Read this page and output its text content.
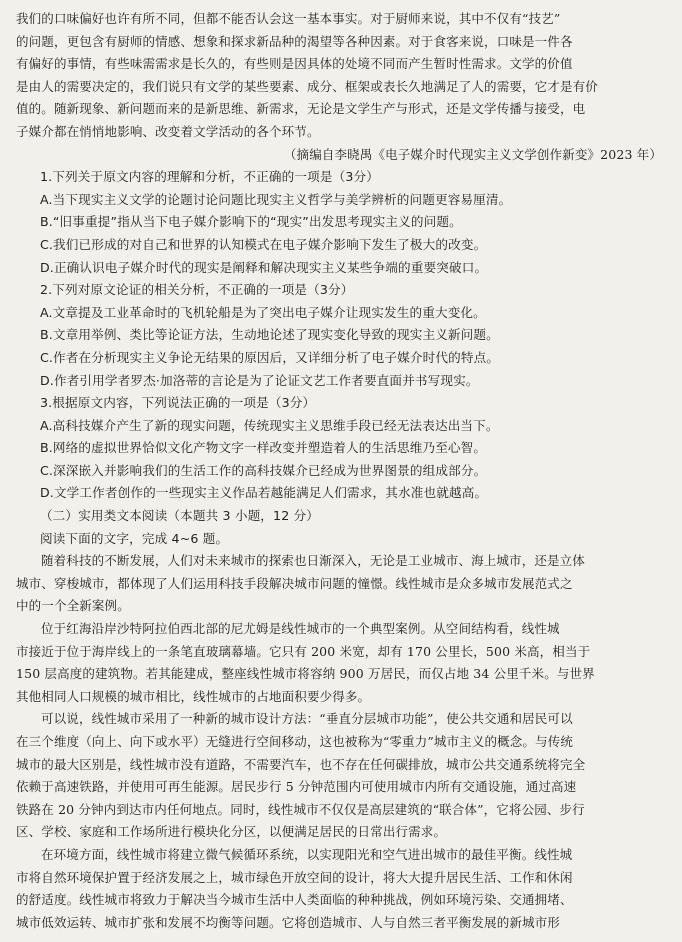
我们的口味偏好也许有所不同，但都不能否认会这一基本事实。对于厨师来说，其中不仅有“技艺”

的问题，更包含有厨师的情感、想象和探求新品种的渴望等各种因素。对于食客来说，口味是一件各

有偏好的事情，有些味需需求是长久的，有些则是因具体的处境不同而产生暂时性需求。文学的价值

是由人的需要决定的，我们说只有文学的某些要素、成分、框架或表长久地满足了人的需要，它才是有价

值的。随新现象、新问题而来的是新思维、新需求，无论是文学生产与形式，还是文学传播与接受，电

子媒介都在悄悄地影响、改变着文学活动的各个环节。

（摘编自李晓禺《电子媒介时代现实主义文学创作新变》2023 年）

1.下列关于原文内容的理解和分析，不正确的一项是（3分）

A.当下现实主义文学的论题讨论问题比现实主义哲学与美学辨析的问题更容易厘清。

B.“旧事重提”指从当下电子媒介影响下的“现实”出发思考现实主义的问题。

C.我们已形成的对自己和世界的认知模式在电子媒介影响下发生了极大的改变。

D.正确认识电子媒介时代的现实是阐释和解决现实主义某些争端的重要突破口。

2.下列对原文论证的相关分析，不正确的一项是（3分）

A.文章提及工业革命时的飞机轮船是为了突出电子媒介让现实发生的重大变化。

B.文章用举例、类比等论证方法，生动地论述了现实变化导致的现实主义新问题。

C.作者在分析现实主义争论无结果的原因后，又详细分析了电子媒介时代的特点。

D.作者引用学者罗杰·加洛蒂的言论是为了论证文艺工作者要直面并书写现实。

3.根据原文内容，下列说法正确的一项是（3分）

A.高科技媒介产生了新的现实问题，传统现实主义思维手段已经无法表达出当下。

B.网络的虚拟世界恰似文化产物文字一样改变并塑造着人的生活思维乃至心智。

C.深深嵌入并影响我们的生活工作的高科技媒介已经成为世界图景的组成部分。

D.文学工作者创作的一些现实主义作品若越能满足人们需求，其水准也就越高。

（二）实用类文本阅读（本题共 3 小题，12 分）

阅读下面的文字，完成 4~6 题。

随着科技的不断发展，人们对未来城市的探索也日渐深入，无论是工业城市、海上城市，还是立体

城市、穿梭城市，都体现了人们运用科技手段解决城市问题的憧憬。线性城市是众多城市发展范式之

中的一个全新案例。

位于红海沿岸沙特阿拉伯西北部的尼尤姆是线性城市的一个典型案例。从空间结构看，线性城

市接近于位于海岸线上的一条笔直玻璃幕墙。它只有 200 米宽，却有 170 公里长，500 米高，相当于

150 层高度的建筑物。若其能建成，整座线性城市将容纳 900 万居民，而仅占地 34 公里千米。与世界

其他相同人口规模的城市相比，线性城市的占地面积要少得多。

可以说，线性城市采用了一种新的城市设计方法：“垂直分层城市功能”，使公共交通和居民可以

在三个维度（向上、向下或水平）无缝进行空间移动，这也被称为“零重力”城市主义的概念。与传统

城市的最大区别是，线性城市没有道路，不需要汽车，也不存在任何碳排放，城市公共交通系统将完全

依赖于高速铁路，并使用可再生能源。居民步行 5 分钟范围内可使用城市内所有交通设施，通过高速

铁路在 20 分钟内到达市内任何地点。同时，线性城市不仅仅是高层建筑的“联合体”，它将公园、步行

区、学校、家庭和工作场所进行模块化分区，以便满足居民的日常出行需求。

在环境方面，线性城市将建立微气候循环系统，以实现阳光和空气进出城市的最佳平衡。线性城

市将自然环境保护置于经济发展之上，城市绿色开放空间的设计，将大大提升居民生活、工作和休闲

的舒适度。线性城市将致力于解决当今城市生活中人类面临的种种挑战，例如环境污染、交通拥堵、

城市低效运转、城市扩张和发展不均衡等问题。它将创造城市、人与自然三者平衡发展的新城市形
